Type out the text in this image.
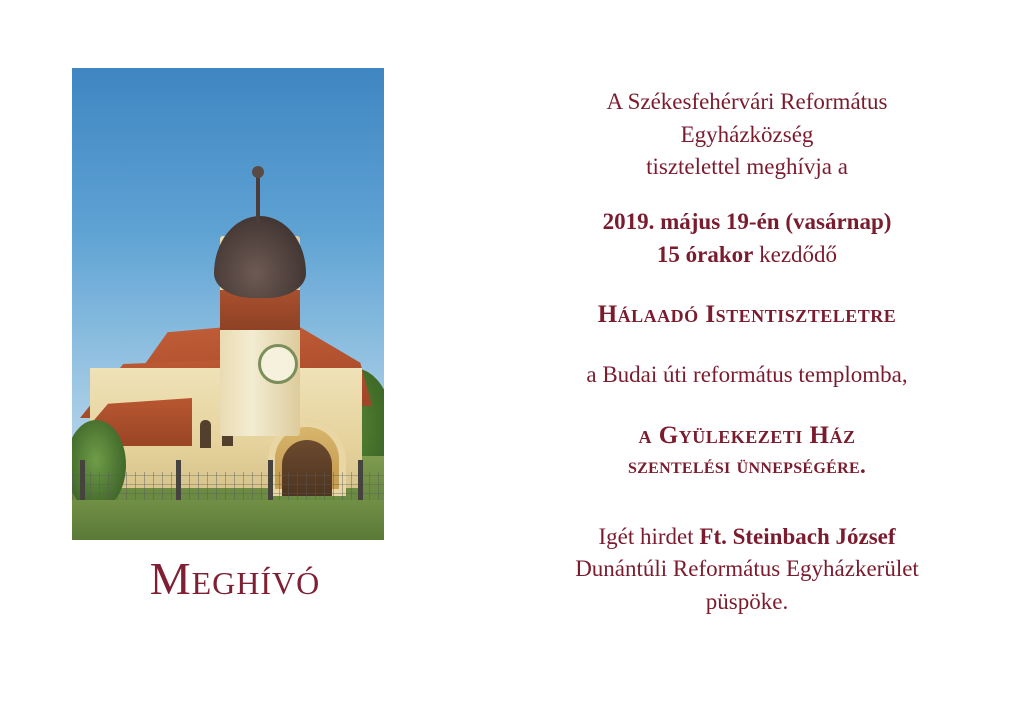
Meghívó
A Székesfehérvári Református
Egyházközség
tisztelettel meghívja a
2019. május 19-én (vasárnap)
15 órakor kezdődő
Hálaadó Istentiszteletre
a Budai úti református templomba,
a Gyülekezeti Ház
szentelési ünnepségére.
Igét hirdet Ft. Steinbach József
Dunántúli Református Egyházkerület
püspöke.
